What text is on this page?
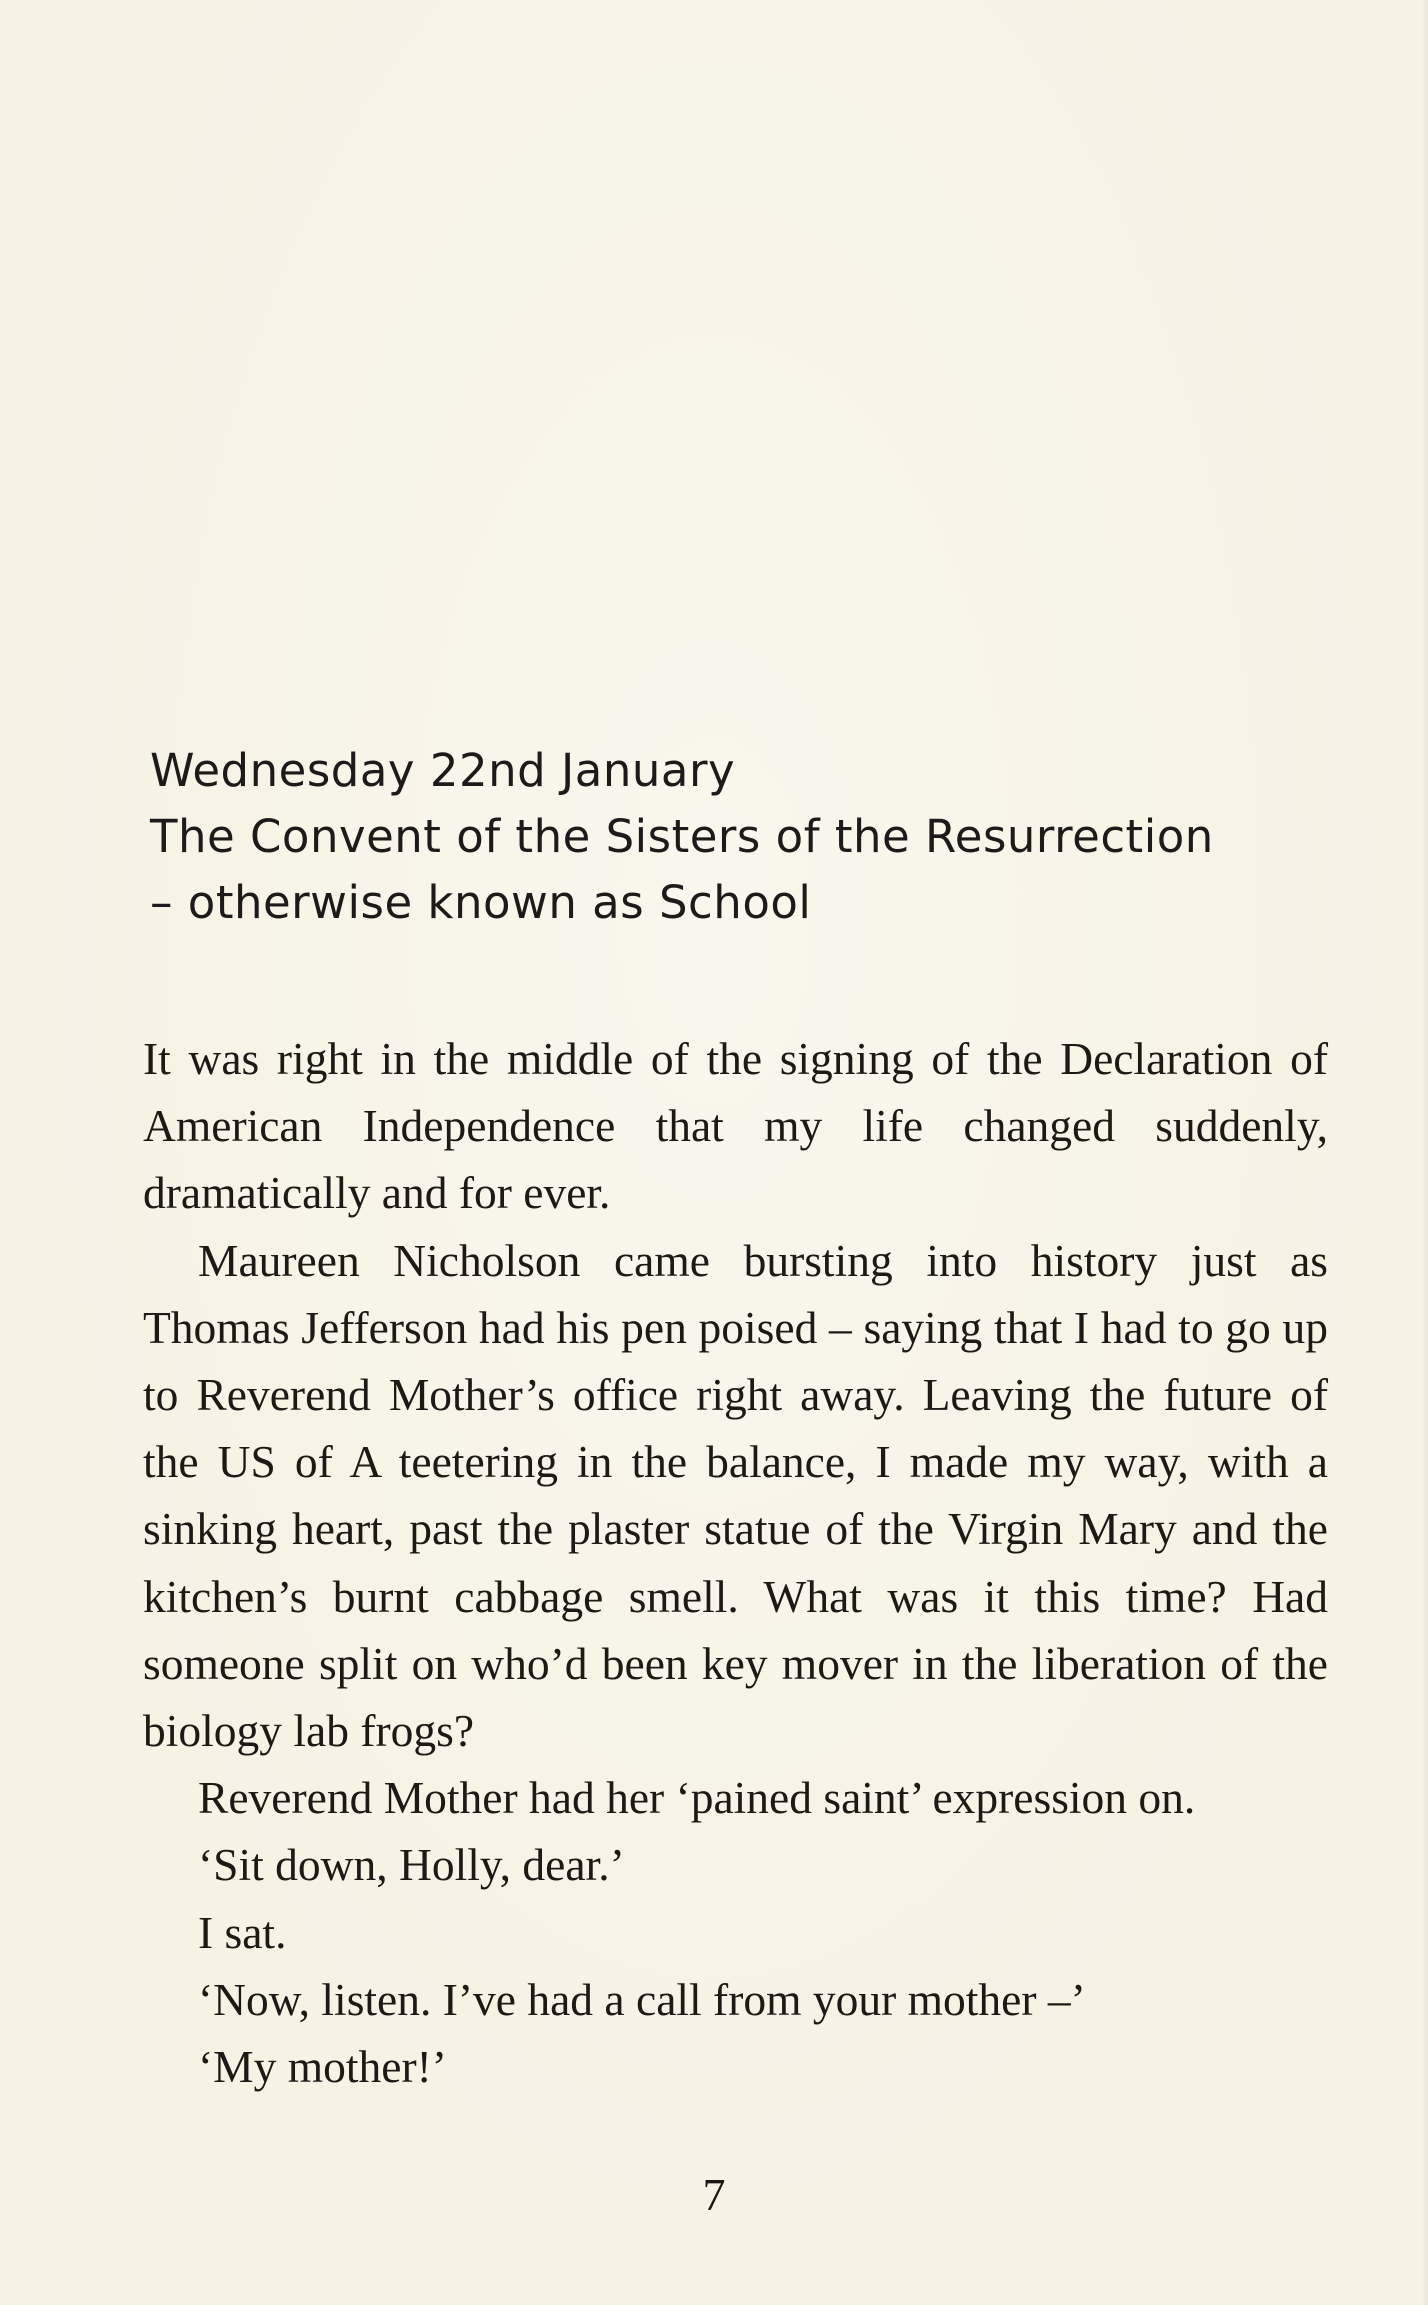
Wednesday 22nd January
The Convent of the Sisters of the Resurrection
– otherwise known as School

It was right in the middle of the signing of the Declaration of American Independence that my life changed suddenly, dramatically and for ever.

Maureen Nicholson came bursting into history just as Thomas Jefferson had his pen poised – saying that I had to go up to Reverend Mother’s office right away. Leaving the future of the US of A teetering in the balance, I made my way, with a sinking heart, past the plaster statue of the Virgin Mary and the kitchen’s burnt cabbage smell. What was it this time? Had someone split on who’d been key mover in the liberation of the biology lab frogs?

Reverend Mother had her ‘pained saint’ expression on.

‘Sit down, Holly, dear.’

I sat.

‘Now, listen. I’ve had a call from your mother –’

‘My mother!’

7
